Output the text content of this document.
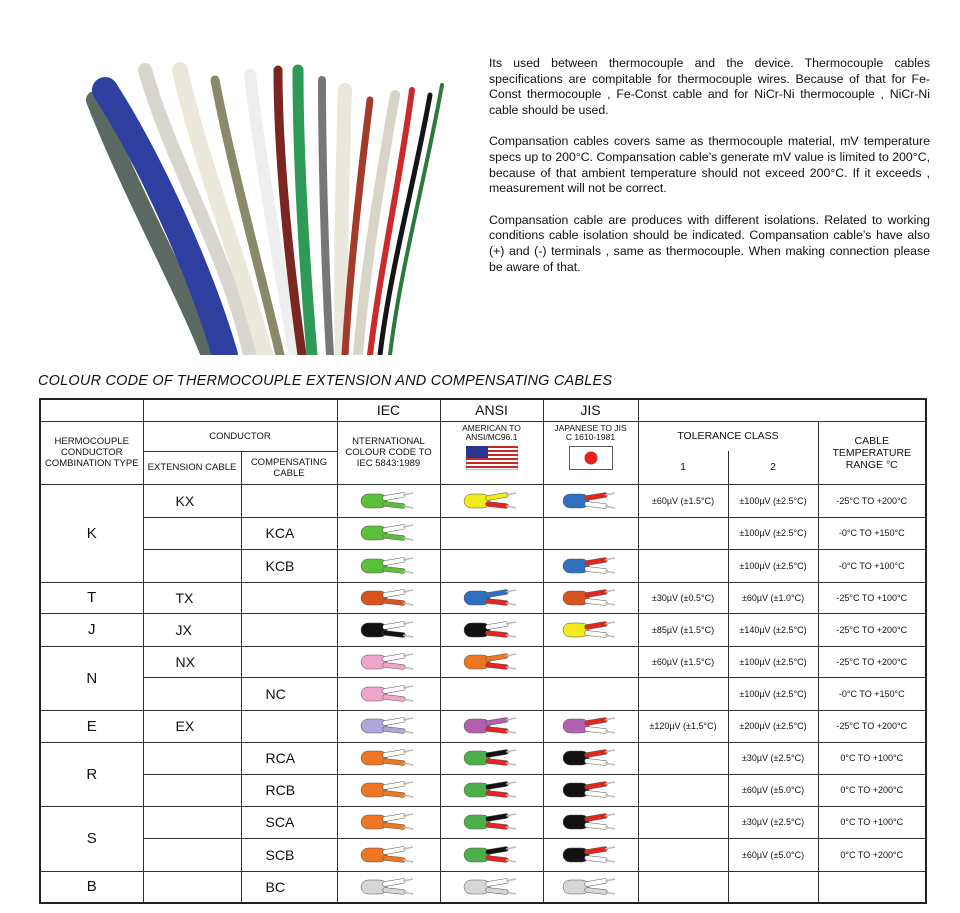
Its used between thermocouple and the device. Thermocouple cables specifications are compitable for thermocouple wires. Because of that for Fe-Const thermocouple , Fe-Const cable and for NiCr-Ni thermocouple , NiCr-Ni cable should be used.

Compansation cables covers same as thermocouple material, mV temperature specs up to 200°C. Compansation cable’s generate mV value is limited to 200°C, because of that ambient temperature should not exceed 200°C. If it exceeds , measurement will not be correct.

Compansation cable are produces with different isolations. Related to working conditions cable isolation should be indicated. Compansation cable’s have also (+) and (-) terminals , same as thermocouple. When making connection please be aware of that.

COLOUR CODE OF THERMOCOUPLE EXTENSION AND COMPENSATING CABLES
			IEC	ANSI	JIS			
HERMOCOUPLE CONDUCTOR COMBINATION TYPE	CONDUCTOR		NTERNATIONAL COLOUR CODE TO IEC 5843:1989	AMERICAN TO ANSI/MC96.1	JAPANESE TO JIS C 1610-1981	TOLERANCE CLASS		CABLE TEMPERATURE RANGE °C
	EXTENSION CABLE	COMPENSATING CABLE				1	2	
K	KX					±60µV (±1.5°C)	±100µV (±2.5°C)	-25°C TO +200°C
		KCA					±100µV (±2.5°C)	-0°C TO +150°C
		KCB					±100µV (±2.5°C)	-0°C TO +100°C
T	TX					±30µV (±0.5°C)	±60µV (±1.0°C)	-25°C TO +100°C
J	JX					±85µV (±1.5°C)	±140µV (±2.5°C)	-25°C TO +200°C
N	NX					±60µV (±1.5°C)	±100µV (±2.5°C)	-25°C TO +200°C
		NC					±100µV (±2.5°C)	-0°C TO +150°C
E	EX					±120µV (±1.5°C)	±200µV (±2.5°C)	-25°C TO +200°C
R		RCA					±30µV (±2.5°C)	0°C TO +100°C
		RCB					±60µV (±5.0°C)	0°C TO +200°C
S		SCA					±30µV (±2.5°C)	0°C TO +100°C
		SCB					±60µV (±5.0°C)	0°C TO +200°C
B		BC	
